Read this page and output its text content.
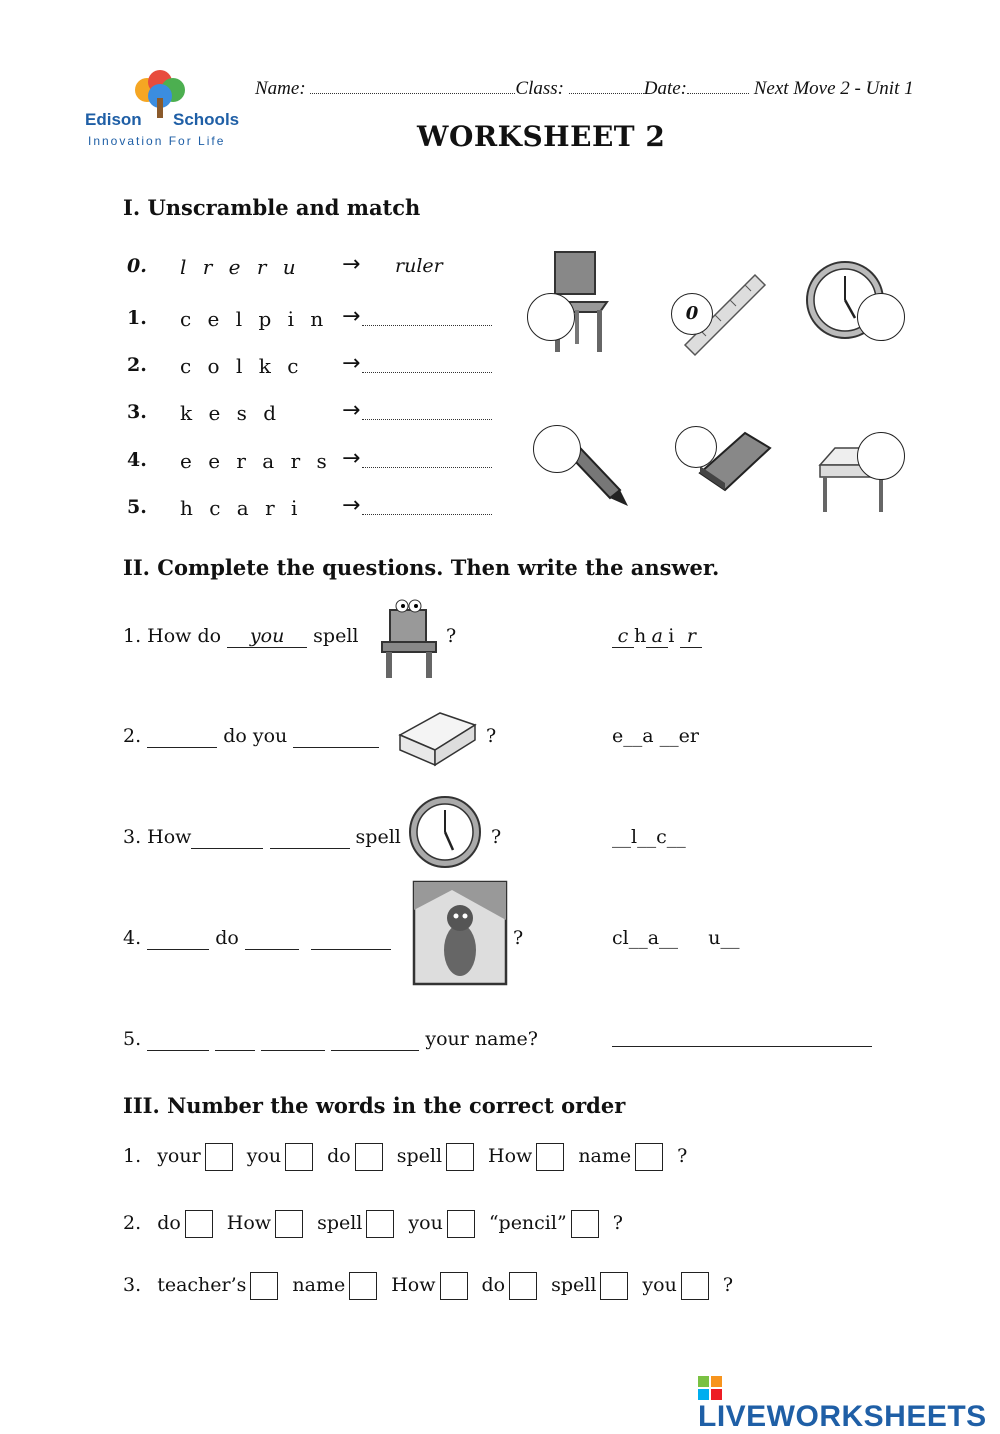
Edison Schools
Innovation For Life
Name:	Class:	Date:	Next Move 2 - Unit 1
WORKSHEET 2
I. Unscramble and match
0. l r e r u → ruler
1. c e l p i n →
2. c o l k c →
3. k e s d	→
4. e e r a r s →
5. h c a r i →
0
II. Complete the questions. Then write the answer.
1. How do you spell	?	c h a i r
2.	do you	?	e__a __er
3. How	spell	?	__l__c__
4.	do	?	cl__a__     u__
5.	your name?
III. Number the words in the correct order
1. your you do spell How name ?
2. do How spell you “pencil” ?
3. teacher’s name How do spell you ?
LIVEWORKSHEETS
